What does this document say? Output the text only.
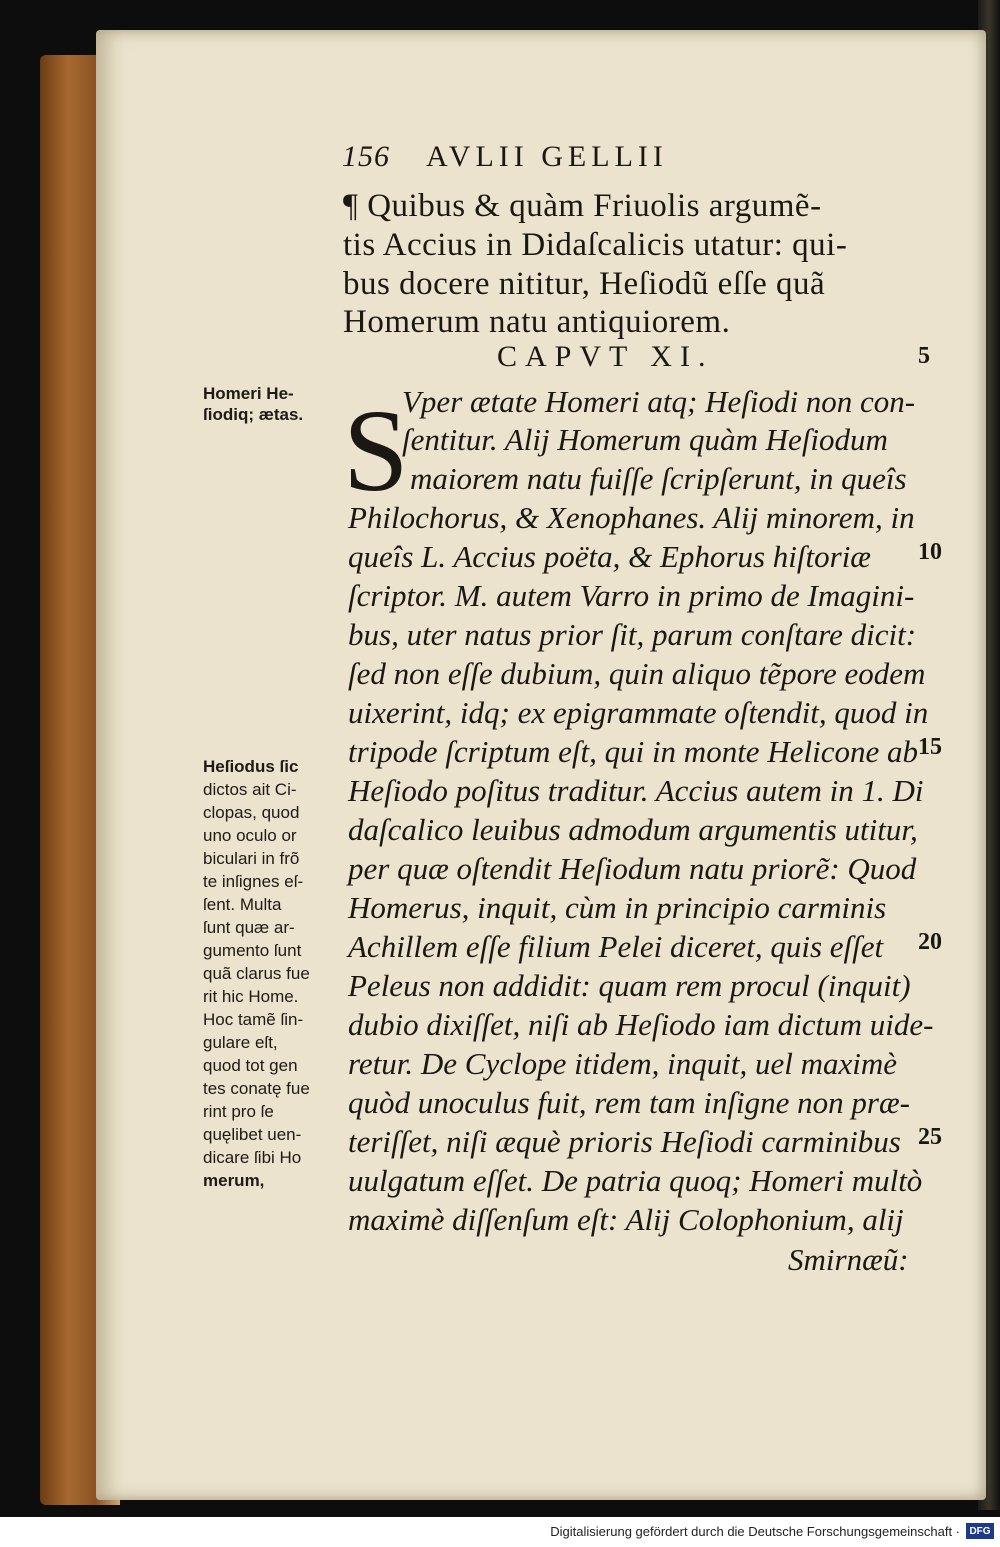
156 AVLII GELLII
¶ Quibus & quàm Friuolis argumẽ-
tis Accius in Didaſcalicis utatur: qui-
bus docere nititur, Heſiodũ eſſe quã
Homerum natu antiquiorem.
CAPVT XI.
S
Vper ætate Homeri atq; Heſiodi non con-
ſentitur. Alij Homerum quàm Heſiodum
maiorem natu fuiſſe ſcripſerunt, in queîs
Philochorus, & Xenophanes. Alij minorem, in
queîs L. Accius poëta, & Ephorus hiſtoriæ
ſcriptor. M. autem Varro in primo de Imagini-
bus, uter natus prior ſit, parum conſtare dicit:
ſed non eſſe dubium, quin aliquo tẽpore eodem
uixerint, idq; ex epigrammate oſtendit, quod in
tripode ſcriptum eſt, qui in monte Helicone ab
Heſiodo poſitus traditur. Accius autem in 1. Di
daſcalico leuibus admodum argumentis utitur,
per quæ oſtendit Heſiodum natu priorẽ: Quod
Homerus, inquit, cùm in principio carminis
Achillem eſſe filium Pelei diceret, quis eſſet
Peleus non addidit: quam rem procul (inquit)
dubio dixiſſet, niſi ab Heſiodo iam dictum uide-
retur. De Cyclope itidem, inquit, uel maximè
quòd unoculus fuit, rem tam inſigne non præ-
teriſſet, niſi æquè prioris Heſiodi carminibus
uulgatum eſſet. De patria quoq; Homeri multò
maximè diſſenſum eſt: Alij Colophonium, alij
Smirnæũ:
Homeri He-
ſiodiq; ætas.
Heſiodus ſic
dictos ait Ci-
clopas, quod
uno oculo or
biculari in frõ
te inſignes eſ-
ſent. Multa
ſunt quæ ar-
gumento ſunt
quã clarus fue
rit hic Home.
Hoc tamẽ ſin-
gulare eſt,
quod tot gen
tes conatę fue
rint pro ſe
quęlibet uen-
dicare ſibi Ho
merum,
5
10
15
20
25
Digitalisierung gefördert durch die Deutsche Forschungsgemeinschaft · DFG
